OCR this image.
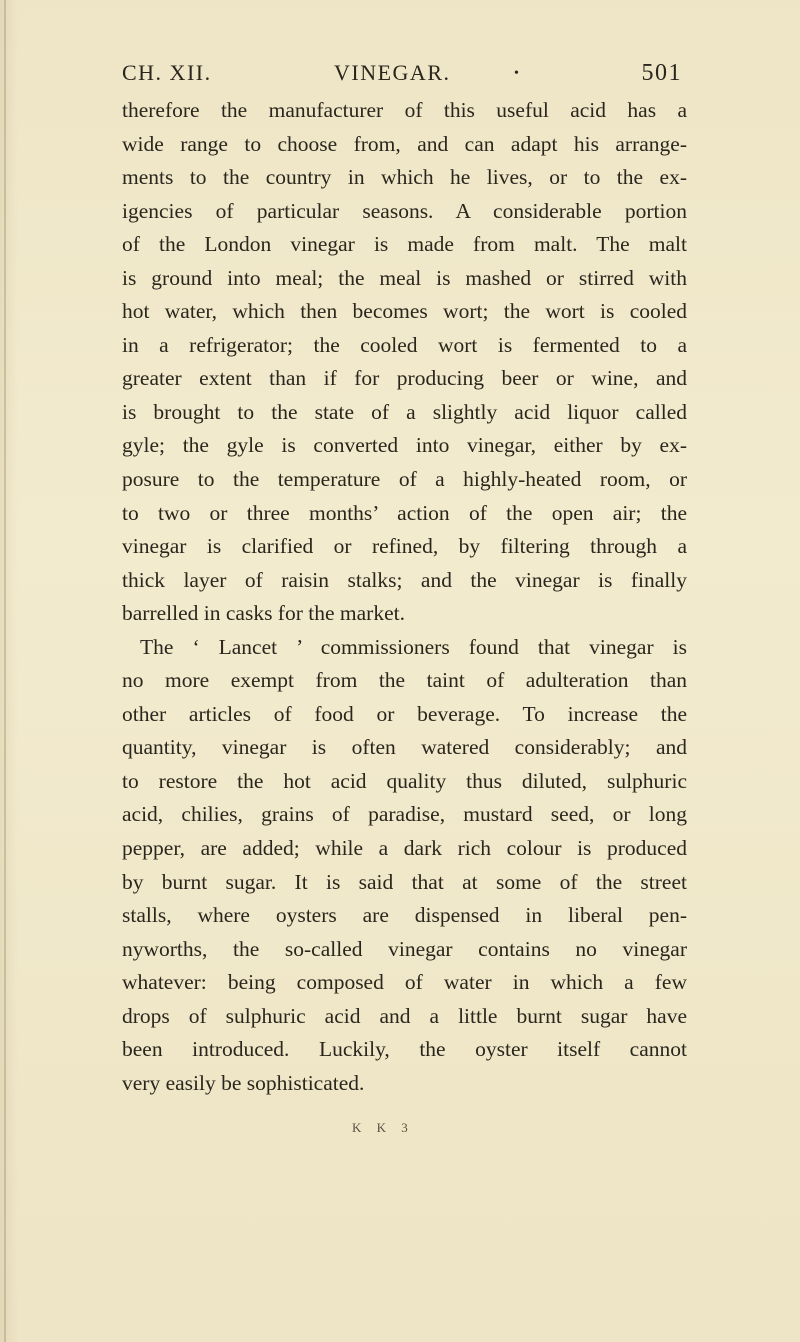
CH. XII.	VINEGAR.	•	501
therefore the manufacturer of this useful acid has a
wide range to choose from, and can adapt his arrange-
ments to the country in which he lives, or to the ex-
igencies of particular seasons. A considerable portion
of the London vinegar is made from malt. The malt
is ground into meal; the meal is mashed or stirred with
hot water, which then becomes wort; the wort is cooled
in a refrigerator; the cooled wort is fermented to a
greater extent than if for producing beer or wine, and
is brought to the state of a slightly acid liquor called
gyle; the gyle is converted into vinegar, either by ex-
posure to the temperature of a highly-heated room, or
to two or three months’ action of the open air; the
vinegar is clarified or refined, by filtering through a
thick layer of raisin stalks; and the vinegar is finally
barrelled in casks for the market.
The ‘ Lancet ’ commissioners found that vinegar is
no more exempt from the taint of adulteration than
other articles of food or beverage. To increase the
quantity, vinegar is often watered considerably; and
to restore the hot acid quality thus diluted, sulphuric
acid, chilies, grains of paradise, mustard seed, or long
pepper, are added; while a dark rich colour is produced
by burnt sugar. It is said that at some of the street
stalls, where oysters are dispensed in liberal pen-
nyworths, the so-called vinegar contains no vinegar
whatever: being composed of water in which a few
drops of sulphuric acid and a little burnt sugar have
been introduced. Luckily, the oyster itself cannot
very easily be sophisticated.
K K 3
